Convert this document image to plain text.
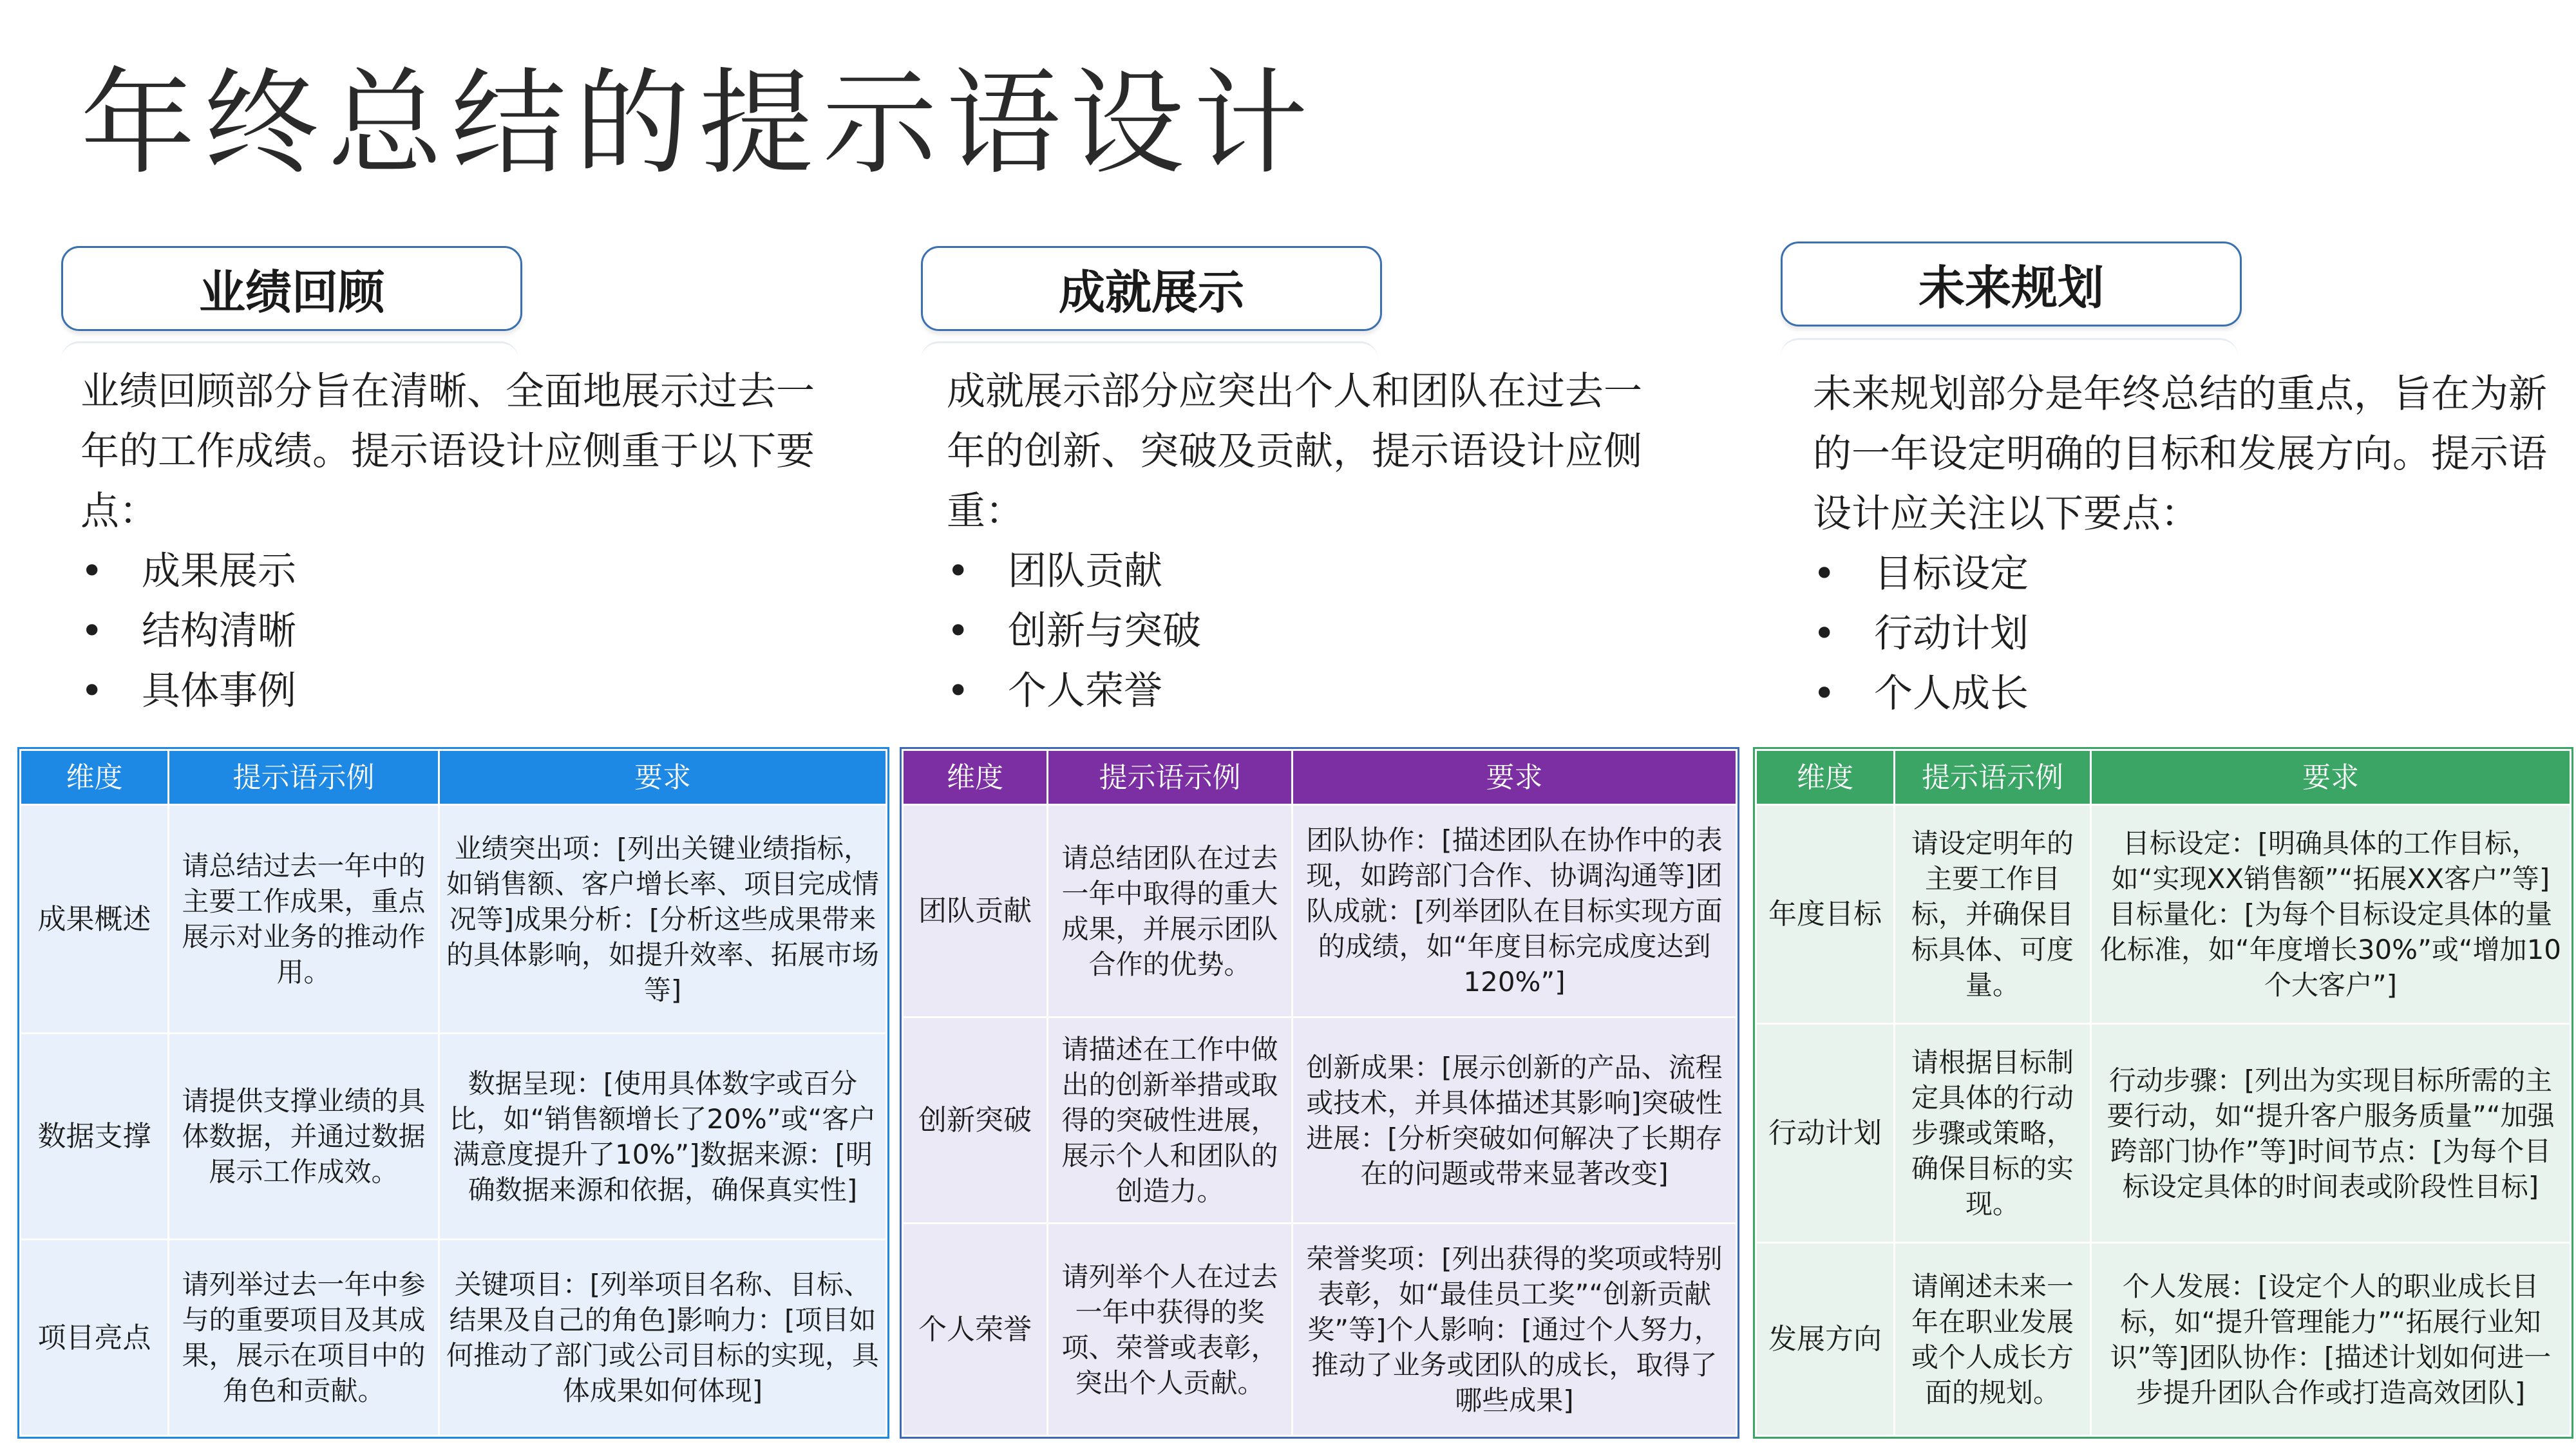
年终总结的提示语设计
业绩回顾

业绩回顾部分旨在清晰、全面地展示过去一年的工作成绩。提示语设计应侧重于以下要点：

• 成果展示
• 结构清晰
• 具体事例
成就展示

成就展示部分应突出个人和团队在过去一年的创新、突破及贡献，提示语设计应侧重：

• 团队贡献
• 创新与突破
• 个人荣誉
未来规划

未来规划部分是年终总结的重点，旨在为新的一年设定明确的目标和发展方向。提示语设计应关注以下要点：

• 目标设定
• 行动计划
• 个人成长
维度	提示语示例	要求
成果概述	请总结过去一年中的主要工作成果，重点展示对业务的推动作用。	业绩突出项：[列出关键业绩指标，如销售额、客户增长率、项目完成情况等]成果分析：[分析这些成果带来的具体影响，如提升效率、拓展市场等]
数据支撑	请提供支撑业绩的具体数据，并通过数据展示工作成效。	数据呈现：[使用具体数字或百分比，如“销售额增长了20%”或“客户满意度提升了10%”]数据来源：[明确数据来源和依据，确保真实性]
项目亮点	请列举过去一年中参与的重要项目及其成果，展示在项目中的角色和贡献。	关键项目：[列举项目名称、目标、结果及自己的角色]影响力：[项目如何推动了部门或公司目标的实现，具体成果如何体现]
维度	提示语示例	要求
团队贡献	请总结团队在过去一年中取得的重大成果，并展示团队合作的优势。	团队协作：[描述团队在协作中的表现，如跨部门合作、协调沟通等]团队成就：[列举团队在目标实现方面的成绩，如“年度目标完成度达到120%”]
创新突破	请描述在工作中做出的创新举措或取得的突破性进展，展示个人和团队的创造力。	创新成果：[展示创新的产品、流程或技术，并具体描述其影响]突破性进展：[分析突破如何解决了长期存在的问题或带来显著改变]
个人荣誉	请列举个人在过去一年中获得的奖项、荣誉或表彰，突出个人贡献。	荣誉奖项：[列出获得的奖项或特别表彰，如“最佳员工奖”“创新贡献奖”等]个人影响：[通过个人努力，推动了业务或团队的成长，取得了哪些成果]
维度	提示语示例	要求
年度目标	请设定明年的主要工作目标，并确保目标具体、可度量。	目标设定：[明确具体的工作目标，如“实现XX销售额”“拓展XX客户”等]目标量化：[为每个目标设定具体的量化标准，如“年度增长30%”或“增加10个大客户”]
行动计划	请根据目标制定具体的行动步骤或策略，确保目标的实现。	行动步骤：[列出为实现目标所需的主要行动，如“提升客户服务质量”“加强跨部门协作”等]时间节点：[为每个目标设定具体的时间表或阶段性目标]
发展方向	请阐述未来一年在职业发展或个人成长方面的规划。	个人发展：[设定个人的职业成长目标，如“提升管理能力”“拓展行业知识”等]团队协作：[描述计划如何进一步提升团队合作或打造高效团队]
